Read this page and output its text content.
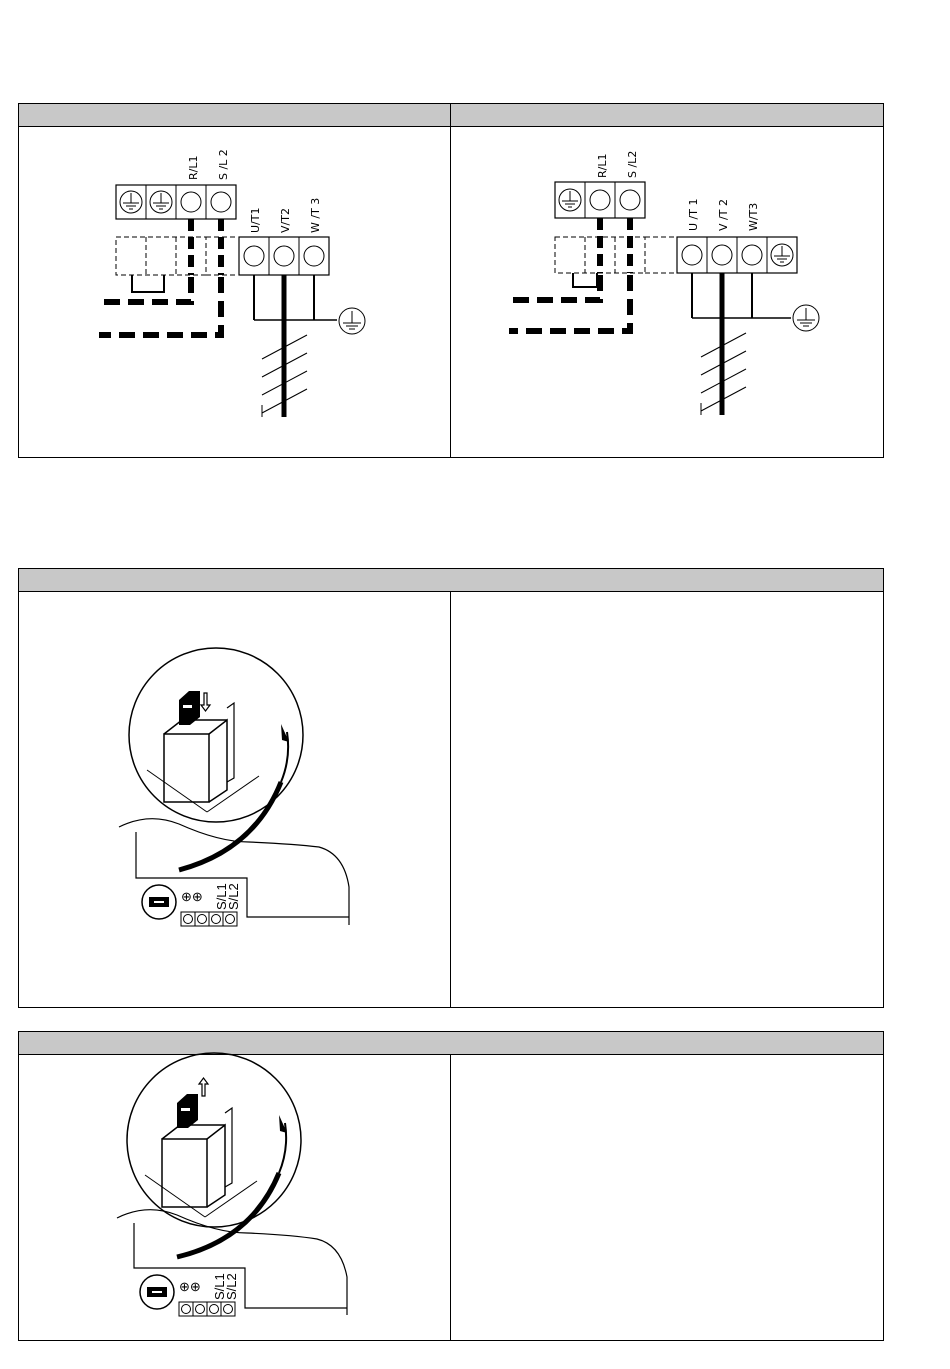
R/L1 S /L 2
U/T1 V/T2 W /T 3
R/L1 S /L2
U /T 1 V /T 2 W/T3
⊕⊕ S/L1
S/L2
⊕⊕ S/L1
S/L2
